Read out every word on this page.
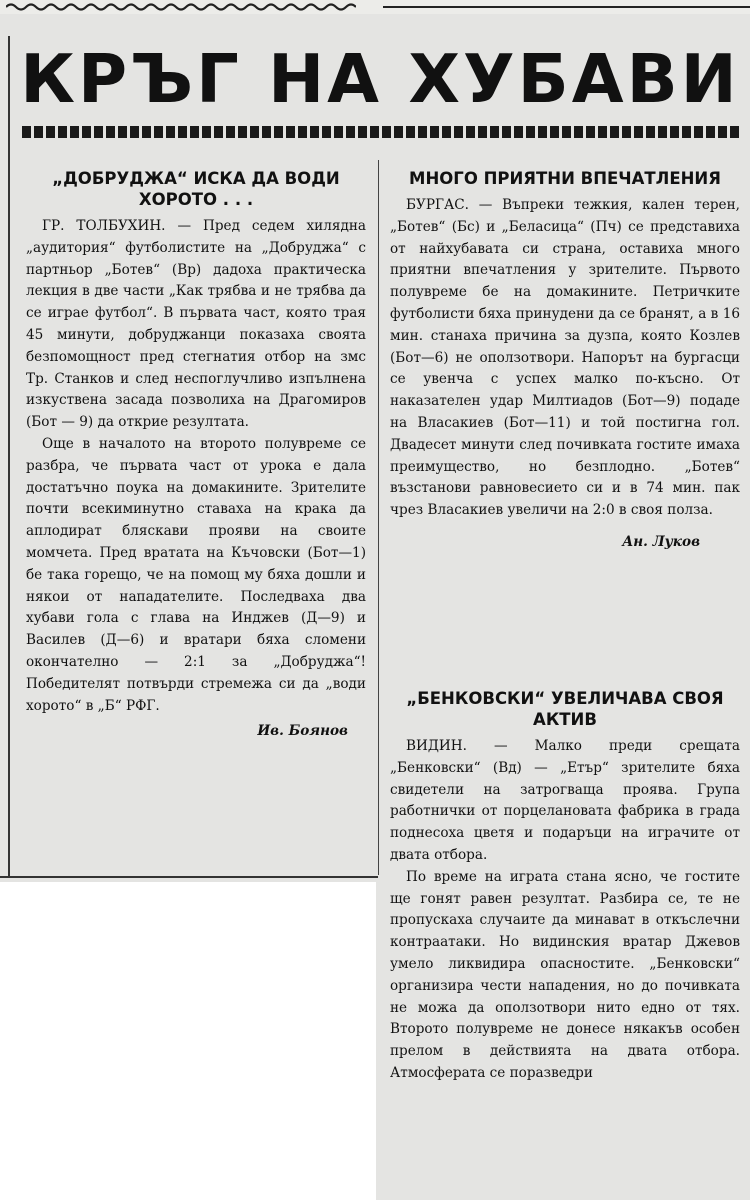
КРЪГ НА ХУБАВИ

„ДОБРУДЖА“ ИСКА ДА ВОДИ ХОРОТО . . .

ГР. ТОЛБУХИН. — Пред седем хилядна „аудитория“ футболистите на „Добруджа“ с партньор „Ботев“ (Вр) дадоха практическа лекция в две части „Как трябва и не трябва да се играе футбол“. В първата част, която трая 45 минути, добруджанци показаха своята безпомощност пред стегнатия отбор на змс Тр. Станков и след неспоглучливо изпълнена изкуствена засада позволиха на Драгомиров (Бот — 9) да открие резултата.

Още в началото на второто полувреме се разбра, че първата част от урока е дала достатъчно поука на домакините. Зрителите почти всекиминутно ставаха на крака да аплодират бляскави прояви на своите момчета. Пред вратата на Къчовски (Бот—1) бе така горещо, че на помощ му бяха дошли и някои от нападателите. Последваха два хубави гола с глава на Инджев (Д—9) и Василев (Д—6) и вратари бяха сломени окончателно — 2:1 за „Добруджа“! Победителят потвърди стремежа си да „води хорото“ в „Б“ РФГ.

Ив. Боянов

МНОГО ПРИЯТНИ ВПЕЧАТЛЕНИЯ

БУРГАС. — Въпреки тежкия, кален терен, „Ботев“ (Бс) и „Беласица“ (Пч) се представиха от найхубавата си страна, оставиха много приятни впечатления у зрителите. Първото полувреме бе на домакините. Петричките футболисти бяха принудени да се бранят, а в 16 мин. станаха причина за дузпа, която Козлев (Бот—6) не оползотвори. Напорът на бургасци се увенча с успех малко по-късно. От наказателен удар Милтиадов (Бот—9) подаде на Власакиев (Бот—11) и той постигна гол. Двадесет минути след почивката гостите имаха преимущество, но безплодно. „Ботев“ възстанови равновесието си и в 74 мин. пак чрез Власакиев увеличи на 2:0 в своя полза.

Ан. Луков

„БЕНКОВСКИ“ УВЕЛИЧАВА СВОЯ АКТИВ

ВИДИН. — Малко преди срещата „Бенковски“ (Вд) — „Етър“ зрителите бяха свидетели на затрогваща проява. Група работнички от порцелановата фабрика в града поднесоха цветя и подаръци на играчите от двата отбора.

По време на играта стана ясно, че гостите ще гонят равен резултат. Разбира се, те не пропускаха случаите да минават в откъслечни контраатаки. Но видинския вратар Джевов умело ликвидира опасностите. „Бенковски“ организира чести нападения, но до почивката не можа да оползотвори нито едно от тях. Второто полувреме не донесе някакъв особен прелом в действията на двата отбора. Атмосферата се поразведри
